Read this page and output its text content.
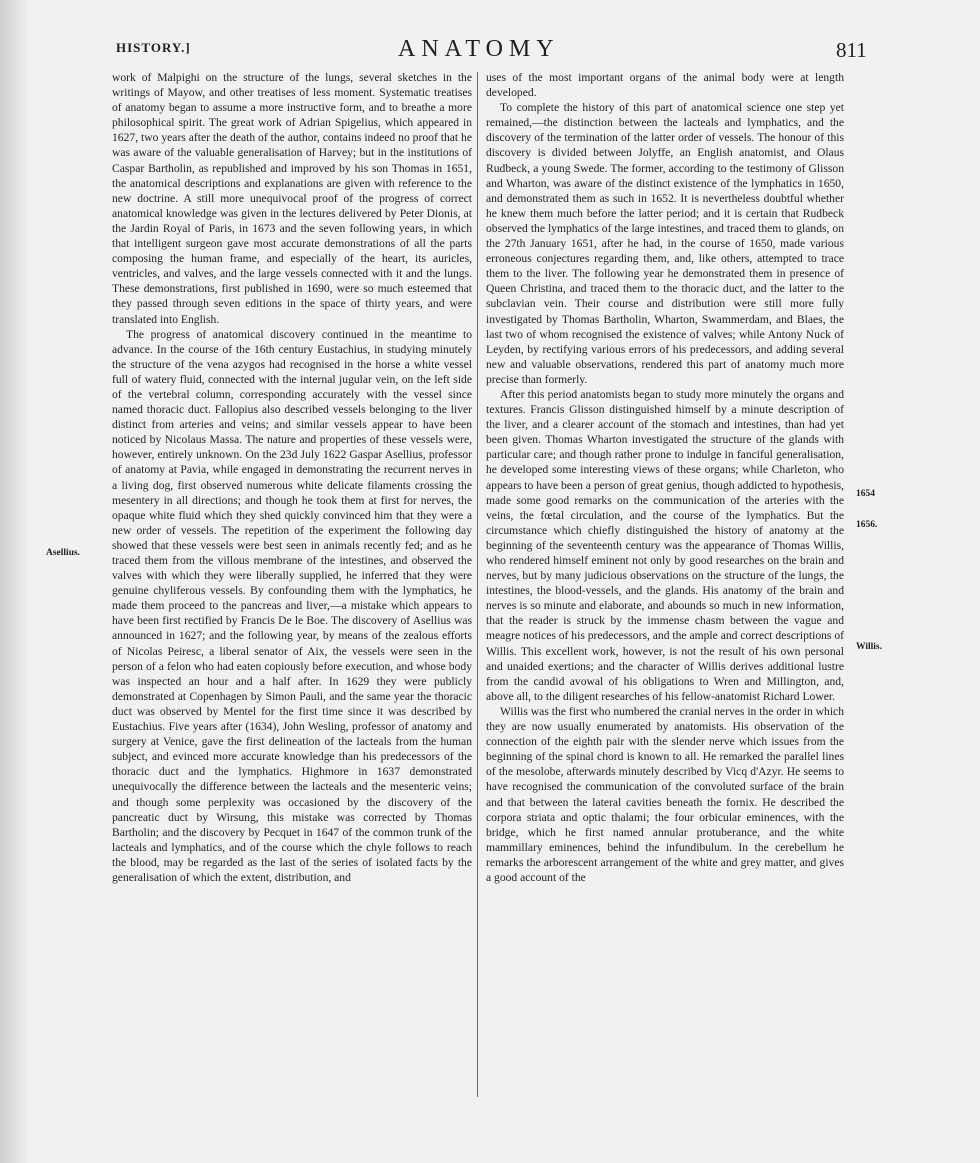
HISTORY.]	ANATOMY	811

work of Malpighi on the structure of the lungs, several sketches in the writings of Mayow, and other treatises of less moment. Systematic treatises of anatomy began to assume a more instructive form, and to breathe a more philosophical spirit. The great work of Adrian Spigelius, which appeared in 1627, two years after the death of the author, contains indeed no proof that he was aware of the valuable generalisation of Harvey; but in the institutions of Caspar Bartholin, as republished and improved by his son Thomas in 1651, the anatomical descriptions and explanations are given with reference to the new doctrine. A still more unequivocal proof of the progress of correct anatomical knowledge was given in the lectures delivered by Peter Dionis, at the Jardin Royal of Paris, in 1673 and the seven following years, in which that intelligent surgeon gave most accurate demonstrations of all the parts composing the human frame, and especially of the heart, its auricles, ventricles, and valves, and the large vessels connected with it and the lungs. These demonstrations, first published in 1690, were so much esteemed that they passed through seven editions in the space of thirty years, and were translated into English.

The progress of anatomical discovery continued in the meantime to advance. In the course of the 16th century Eustachius, in studying minutely the structure of the vena azygos had recognised in the horse a white vessel full of watery fluid, connected with the internal jugular vein, on the left side of the vertebral column, corresponding accurately with the vessel since named thoracic duct. Fallopius also described vessels belonging to the liver distinct from arteries and veins; and similar vessels appear to have been noticed by Nicolaus Massa. The nature and properties of these vessels were, however, entirely unknown. On the 23d July 1622 Gaspar Asellius, professor of anatomy at Pavia, while engaged in demonstrating the recurrent nerves in a living dog, first observed numerous white delicate filaments crossing the mesentery in all directions; and though he took them at first for nerves, the opaque white fluid which they shed quickly convinced him that they were a new order of vessels. The repetition of the experiment the following day showed that these vessels were best seen in animals recently fed; and as he traced them from the villous membrane of the intestines, and observed the valves with which they were liberally supplied, he inferred that they were genuine chyliferous vessels. By confounding them with the lymphatics, he made them proceed to the pancreas and liver,—a mistake which appears to have been first rectified by Francis De le Boe. The discovery of Asellius was announced in 1627; and the following year, by means of the zealous efforts of Nicolas Peiresc, a liberal senator of Aix, the vessels were seen in the person of a felon who had eaten copiously before execution, and whose body was inspected an hour and a half after. In 1629 they were publicly demonstrated at Copenhagen by Simon Pauli, and the same year the thoracic duct was observed by Mentel for the first time since it was described by Eustachius. Five years after (1634), John Wesling, professor of anatomy and surgery at Venice, gave the first delineation of the lacteals from the human subject, and evinced more accurate knowledge than his predecessors of the thoracic duct and the lymphatics. Highmore in 1637 demonstrated unequivocally the difference between the lacteals and the mesenteric veins; and though some perplexity was occasioned by the discovery of the pancreatic duct by Wirsung, this mistake was corrected by Thomas Bartholin; and the discovery by Pecquet in 1647 of the common trunk of the lacteals and lymphatics, and of the course which the chyle follows to reach the blood, may be regarded as the last of the series of isolated facts by the generalisation of which the extent, distribution, and

uses of the most important organs of the animal body were at length developed.

To complete the history of this part of anatomical science one step yet remained,—the distinction between the lacteals and lymphatics, and the discovery of the termination of the latter order of vessels. The honour of this discovery is divided between Jolyffe, an English anatomist, and Olaus Rudbeck, a young Swede. The former, according to the testimony of Glisson and Wharton, was aware of the distinct existence of the lymphatics in 1650, and demonstrated them as such in 1652. It is nevertheless doubtful whether he knew them much before the latter period; and it is certain that Rudbeck observed the lymphatics of the large intestines, and traced them to glands, on the 27th January 1651, after he had, in the course of 1650, made various erroneous conjectures regarding them, and, like others, attempted to trace them to the liver. The following year he demonstrated them in presence of Queen Christina, and traced them to the thoracic duct, and the latter to the subclavian vein. Their course and distribution were still more fully investigated by Thomas Bartholin, Wharton, Swammerdam, and Blaes, the last two of whom recognised the existence of valves; while Antony Nuck of Leyden, by rectifying various errors of his predecessors, and adding several new and valuable observations, rendered this part of anatomy much more precise than formerly.

After this period anatomists began to study more minutely the organs and textures. Francis Glisson distinguished himself by a minute description of the liver, and a clearer account of the stomach and intestines, than had yet been given. Thomas Wharton investigated the structure of the glands with particular care; and though rather prone to indulge in fanciful generalisation, he developed some interesting views of these organs; while Charleton, who appears to have been a person of great genius, though addicted to hypothesis, made some good remarks on the communication of the arteries with the veins, the fœtal circulation, and the course of the lymphatics. But the circumstance which chiefly distinguished the history of anatomy at the beginning of the seventeenth century was the appearance of Thomas Willis, who rendered himself eminent not only by good researches on the brain and nerves, but by many judicious observations on the structure of the lungs, the intestines, the blood-vessels, and the glands. His anatomy of the brain and nerves is so minute and elaborate, and abounds so much in new information, that the reader is struck by the immense chasm between the vague and meagre notices of his predecessors, and the ample and correct descriptions of Willis. This excellent work, however, is not the result of his own personal and unaided exertions; and the character of Willis derives additional lustre from the candid avowal of his obligations to Wren and Millington, and, above all, to the diligent researches of his fellow-anatomist Richard Lower.

Willis was the first who numbered the cranial nerves in the order in which they are now usually enumerated by anatomists. His observation of the connection of the eighth pair with the slender nerve which issues from the beginning of the spinal chord is known to all. He remarked the parallel lines of the mesolobe, afterwards minutely described by Vicq d'Azyr. He seems to have recognised the communication of the convoluted surface of the brain and that between the lateral cavities beneath the fornix. He described the corpora striata and optic thalami; the four orbicular eminences, with the bridge, which he first named annular protuberance, and the white mammillary eminences, behind the infundibulum. In the cerebellum he remarks the arborescent arrangement of the white and grey matter, and gives a good account of the

Asellius.
1654
1656.
Willis.
